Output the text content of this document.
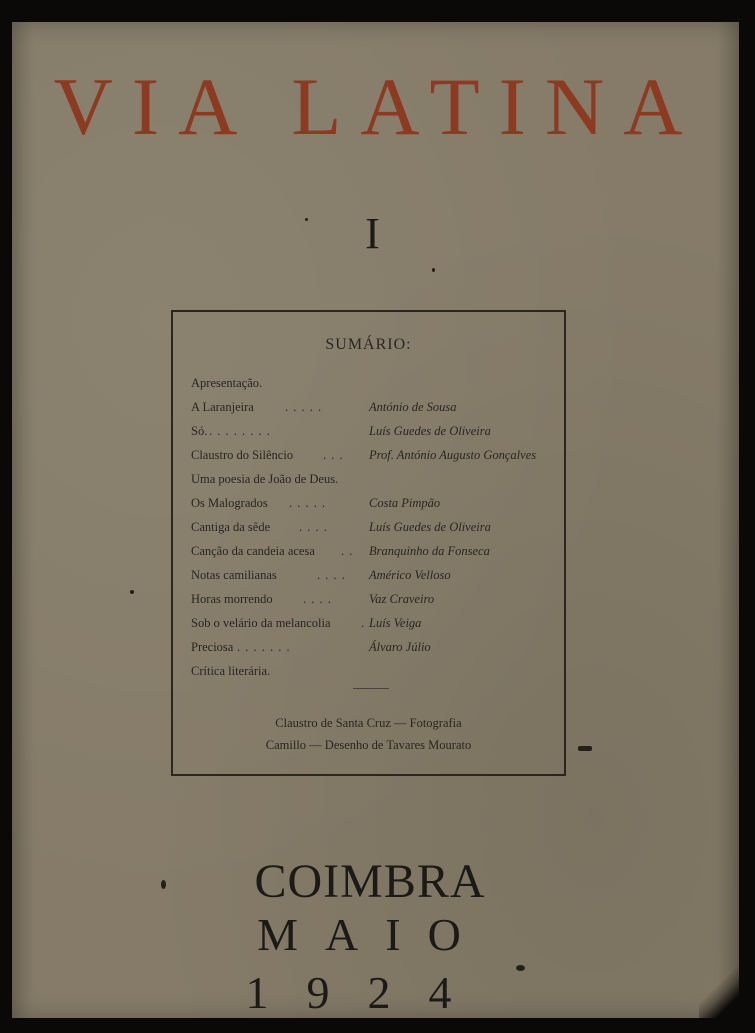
VIA LATINA
I
SUMÁRIO:
Apresentação.
A Laranjeira . . . . .	António de Sousa
Só. . . . . . . . .	Luís Guedes de Oliveira
Claustro do Silêncio . . . Prof. António Augusto Gonçalves
Uma poesia de João de Deus.
Os Malogrados . . . . .	Costa Pimpão
Cantiga da sêde . . . .	Luís Guedes de Oliveira
Canção da candeia acesa . . Branquinho da Fonseca
Notas camilianas	. . . . Américo Velloso
Horas morrendo . . . .	Vaz Craveiro
Sob o velário da melancolia . Luís Veiga
Preciosa . . . . . . .	Álvaro Júlio
Crítica literária.
Claustro de Santa Cruz — Fotografia
Camillo — Desenho de Tavares Mourato
COIMBRA
MAIO
1924
